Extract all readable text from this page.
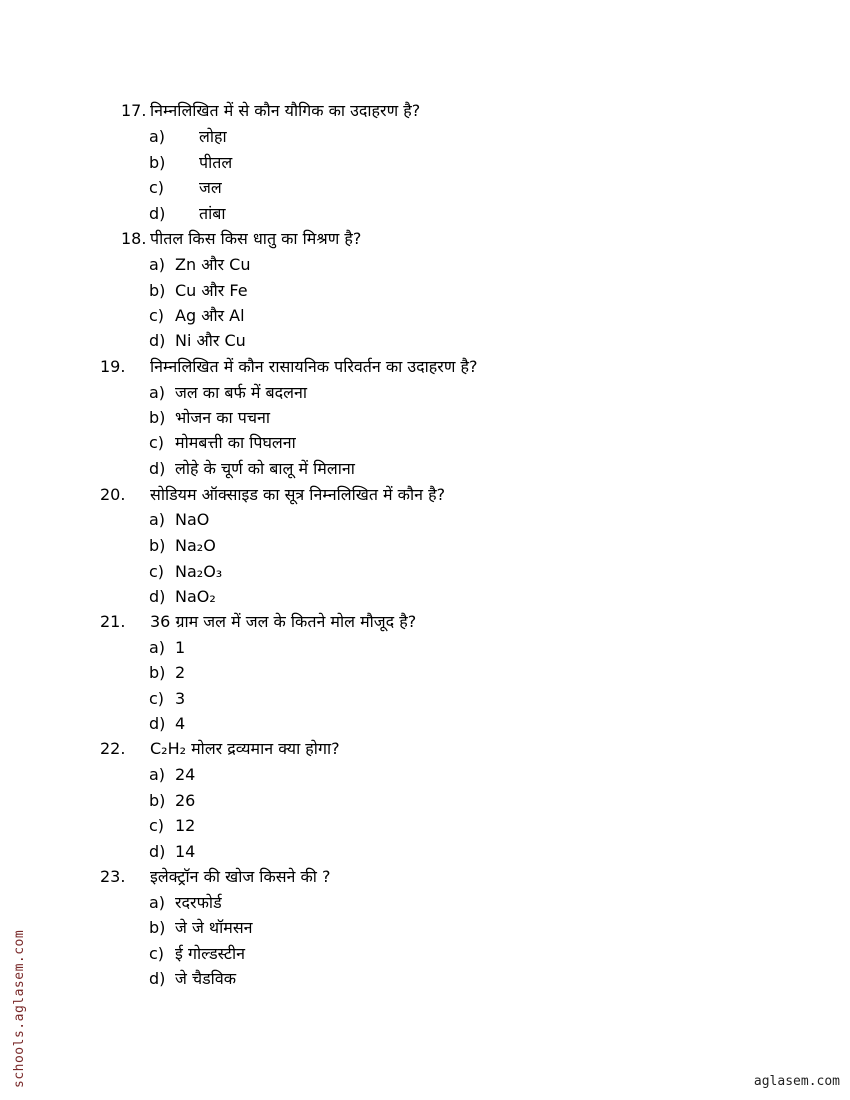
17. निम्नलिखित में से कौन यौगिक का उदाहरण है?
a) लोहा
b) पीतल
c) जल
d) तांबा
18. पीतल किस किस धातु का मिश्रण है?
a) Zn और Cu
b) Cu और Fe
c) Ag और Al
d) Ni और Cu
19. निम्नलिखित में कौन रासायनिक परिवर्तन का उदाहरण है?
a) जल का बर्फ में बदलना
b) भोजन का पचना
c) मोमबत्ती का पिघलना
d) लोहे के चूर्ण को बालू में मिलाना
20. सोडियम ऑक्साइड का सूत्र निम्नलिखित में कौन है?
a) NaO
b) Na₂O
c) Na₂O₃
d) NaO₂
21. 36 ग्राम जल में जल के कितने मोल मौजूद है?
a) 1
b) 2
c) 3
d) 4
22. C₂H₂ मोलर द्रव्यमान क्या होगा?
a) 24
b) 26
c) 12
d) 14
23. इलेक्ट्रॉन की खोज किसने की ?
a) रदरफोर्ड
b) जे जे थॉमसन
c) ई गोल्डस्टीन
d) जे चैडविक
schools.aglasem.com	aglasem.com
